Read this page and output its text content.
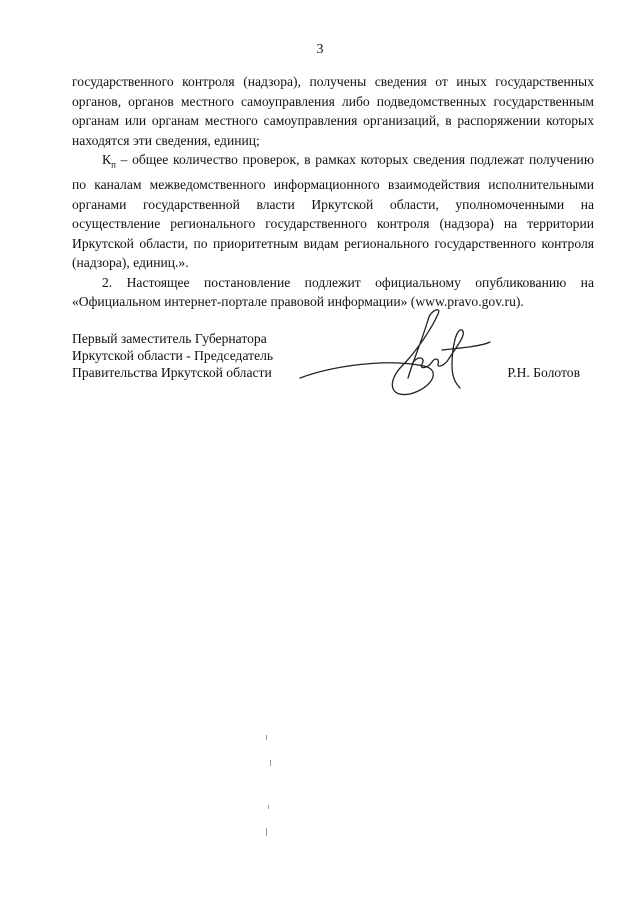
3

государственного контроля (надзора), получены сведения от иных государственных органов, органов местного самоуправления либо подведомственных государственным органам или органам местного самоуправления организаций, в распоряжении которых находятся эти сведения, единиц;

$К_п$ – общее количество проверок, в рамках которых сведения подлежат получению по каналам межведомственного информационного взаимодействия исполнительными органами государственной власти Иркутской области, уполномоченными на осуществление регионального государственного контроля (надзора) на территории Иркутской области, по приоритетным видам регионального государственного контроля (надзора), единиц.».

2. Настоящее постановление подлежит официальному опубликованию на «Официальном интернет-портале правовой информации» (www.pravo.gov.ru).

Первый заместитель Губернатора
Иркутской области - Председатель
Правительства Иркутской области	Р.Н. Болотов
